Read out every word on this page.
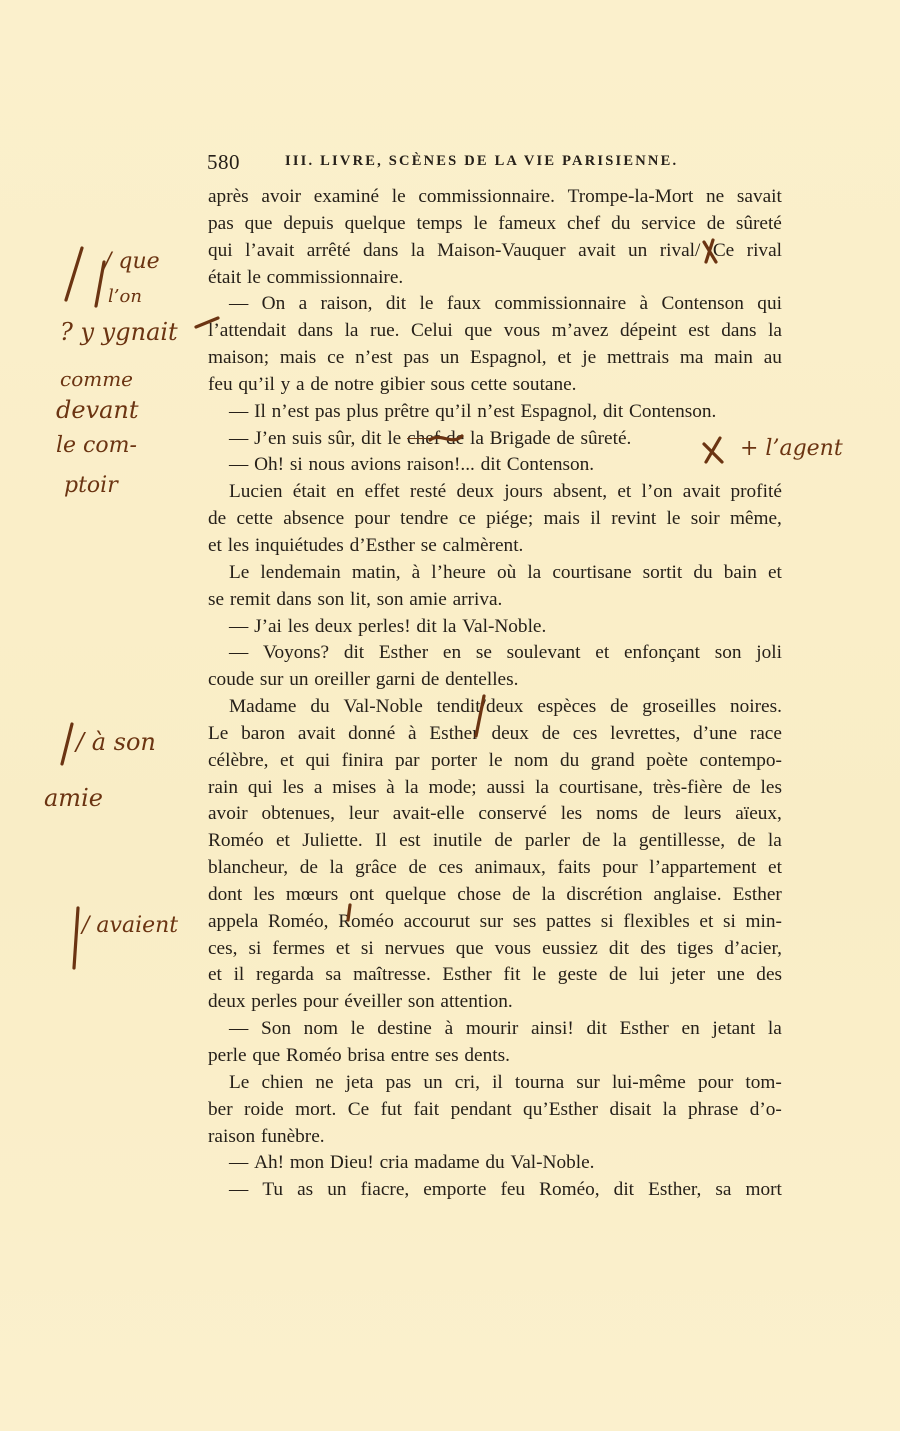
580	III. LIVRE, SCÈNES DE LA VIE PARISIENNE.
après avoir examiné le commissionnaire. Trompe-la-Mort ne savait
pas que depuis quelque temps le fameux chef du service de sûreté
qui l’avait arrêté dans la Maison-Vauquer avait un rival/ Ce rival
était le commissionnaire.
— On a raison, dit le faux commissionnaire à Contenson qui
l’attendait dans la rue. Celui que vous m’avez dépeint est dans la
maison; mais ce n’est pas un Espagnol, et je mettrais ma main au
feu qu’il y a de notre gibier sous cette soutane.
— Il n’est pas plus prêtre qu’il n’est Espagnol, dit Contenson.
— J’en suis sûr, dit le chef de la Brigade de sûreté.
— Oh! si nous avions raison!... dit Contenson.
Lucien était en effet resté deux jours absent, et l’on avait profité
de cette absence pour tendre ce piége; mais il revint le soir même,
et les inquiétudes d’Esther se calmèrent.
Le lendemain matin, à l’heure où la courtisane sortit du bain et
se remit dans son lit, son amie arriva.
— J’ai les deux perles! dit la Val-Noble.
— Voyons? dit Esther en se soulevant et enfonçant son joli
coude sur un oreiller garni de dentelles.
Madame du Val-Noble tendit/deux espèces de groseilles noires.
Le baron avait donné à Esther deux de ces levrettes, d’une race
célèbre, et qui finira par porter le nom du grand poète contempo-
rain qui les a mises à la mode; aussi la courtisane, très-fière de les
avoir obtenues, leur avait-elle conservé les noms de leurs aïeux,
Roméo et Juliette. Il est inutile de parler de la gentillesse, de la
blancheur, de la grâce de ces animaux, faits pour l’appartement et
dont les mœurs ont quelque chose de la discrétion anglaise. Esther
appela Roméo, Roméo accourut sur ses pattes si flexibles et si min-
ces, si fermes et si nervues que vous eussiez dit des tiges d’acier,
et il regarda sa maîtresse. Esther fit le geste de lui jeter une des
deux perles pour éveiller son attention.
— Son nom le destine à mourir ainsi! dit Esther en jetant la
perle que Roméo brisa entre ses dents.
Le chien ne jeta pas un cri, il tourna sur lui-même pour tom-
ber roide mort. Ce fut fait pendant qu’Esther disait la phrase d’o-
raison funèbre.
— Ah! mon Dieu! cria madame du Val-Noble.
— Tu as un fiacre, emporte feu Roméo, dit Esther, sa mort
/ que
l’on
? y ygnait
comme
devant
le com-
ptoir
+ l’agent
/ à son
amie
/ avaient
